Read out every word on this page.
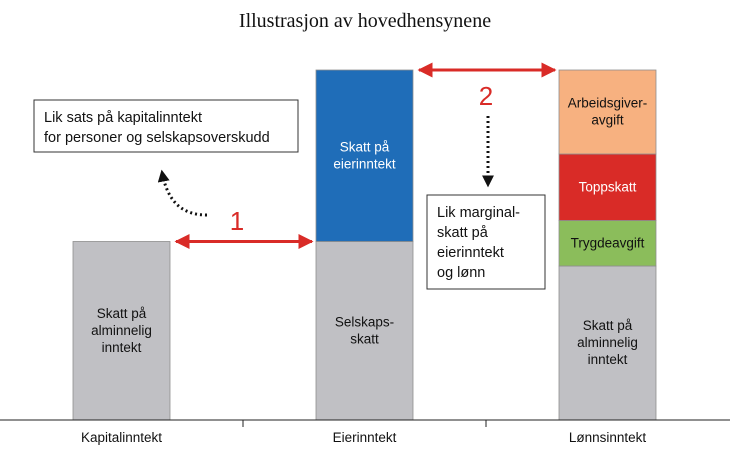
Illustrasjon av hovedhensynene
Skatt på alminnelig inntekt
Selskaps-skatt
Skatt på eierinntekt
Skatt på alminnelig inntekt
Trygdeavgift
Toppskatt
Arbeidsgiver-avgift
Kapitalinntekt	Eierinntekt	Lønnsinntekt
1
2
Lik sats på kapitalinntekt for personer og selskapsoverskudd
Lik marginal-skatt på eierinntekt og lønn
